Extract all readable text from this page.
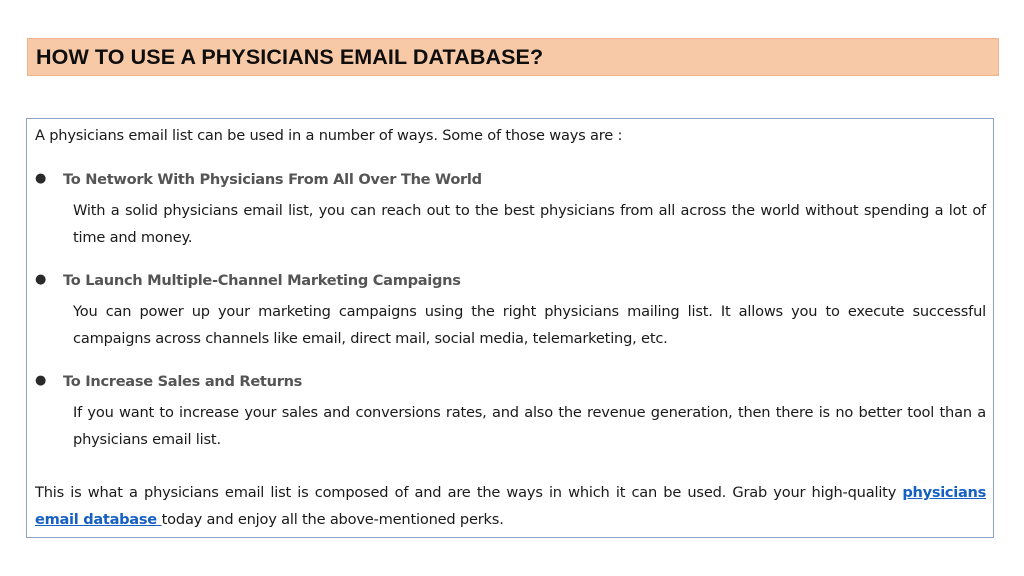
HOW TO USE A PHYSICIANS EMAIL DATABASE?
A physicians email list can be used in a number of ways. Some of those ways are :
● To Network With Physicians From All Over The World
With a solid physicians email list, you can reach out to the best physicians from all across the world without spending a lot of time and money.
● To Launch Multiple-Channel Marketing Campaigns
You can power up your marketing campaigns using the right physicians mailing list. It allows you to execute successful campaigns across channels like email, direct mail, social media, telemarketing, etc.
● To Increase Sales and Returns
If you want to increase your sales and conversions rates, and also the revenue generation, then there is no better tool than a physicians email list.
This is what a physicians email list is composed of and are the ways in which it can be used. Grab your high-quality physicians email database today and enjoy all the above-mentioned perks.
